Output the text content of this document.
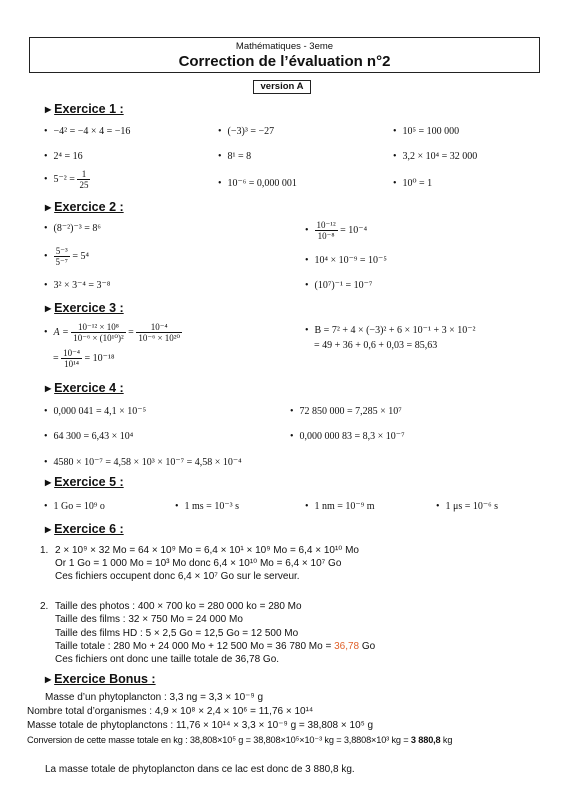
Mathématiques - 3eme
Correction de l’évaluation n°2
version A
▶ Exercice 1 :
• −4² = −4 × 4 = −16	• (−3)³ = −27	• 10⁵ = 100 000
• 2⁴ = 16	• 8¹ = 8	• 3,2 × 10⁴ = 32 000
• $5^{-2} = \frac{1}{25}$	• 10⁻⁶ = 0,000 001	• 10⁰ = 1
▶ Exercice 2 :
• (8⁻²)⁻³ = 8⁶	• $\frac{\text{10⁻¹²}}{\text{10⁻⁸}} = 10^{-4}$
• $\frac{\text{5⁻³}}{\text{5⁻⁷}} = 5^4$	• 10⁴ × 10⁻⁹ = 10⁻⁵
• 3² × 3⁻⁴ = 3⁻⁸	• (10⁷)⁻¹ = 10⁻⁷
▶ Exercice 3 :
• $A = \frac{\text{10⁻¹² × 10⁸}}{\text{10⁻⁶ × (10¹⁰)²}} = \frac{\text{10⁻⁴}}{\text{10⁻⁶ × 10²⁰}}$
= $\frac{\text{10⁻⁴}}{\text{10¹⁴}} = 10^{-18}$
• B = 7² + 4 × (−3)² + 6 × 10⁻¹ + 3 × 10⁻²
= 49 + 36 + 0,6 + 0,03 = 85,63
▶ Exercice 4 :
• 0,000 041 = 4,1 × 10⁻⁵	• 72 850 000 = 7,285 × 10⁷
• 64 300 = 6,43 × 10⁴	• 0,000 000 83 = 8,3 × 10⁻⁷
• 4580 × 10⁻⁷ = 4,58 × 10³ × 10⁻⁷ = 4,58 × 10⁻⁴
▶ Exercice 5 :
• 1 Go = 10⁹ o	• 1 ms = 10⁻³ s	• 1 nm = 10⁻⁹ m	• 1 μs = 10⁻⁶ s
▶ Exercice 6 :
1. 2 × 10⁹ × 32 Mo = 64 × 10⁹ Mo = 6,4 × 10¹ × 10⁹ Mo = 6,4 × 10¹⁰ Mo
Or 1 Go = 1 000 Mo = 10³ Mo donc 6,4 × 10¹⁰ Mo = 6,4 × 10⁷ Go
Ces fichiers occupent donc 6,4 × 10⁷ Go sur le serveur.
2. Taille des photos : 400 × 700 ko = 280 000 ko = 280 Mo
Taille des films : 32 × 750 Mo = 24 000 Mo
Taille des films HD : 5 × 2,5 Go = 12,5 Go = 12 500 Mo
Taille totale : 280 Mo + 24 000 Mo + 12 500 Mo = 36 780 Mo = 36,78 Go
Ces fichiers ont donc une taille totale de 36,78 Go.
▶ Exercice Bonus :
Masse d’un phytoplancton : 3,3 ng = 3,3 × 10⁻⁹ g
Nombre total d’organismes : 4,9 × 10⁸ × 2,4 × 10⁶ = 11,76 × 10¹⁴
Masse totale de phytoplanctons : 11,76 × 10¹⁴ × 3,3 × 10⁻⁹ g = 38,808 × 10⁵ g
Conversion de cette masse totale en kg : 38,808×10⁵ g = 38,808×10⁵×10⁻³ kg = 3,8808×10³ kg = 3 880,8 kg
La masse totale de phytoplancton dans ce lac est donc de 3 880,8 kg.
